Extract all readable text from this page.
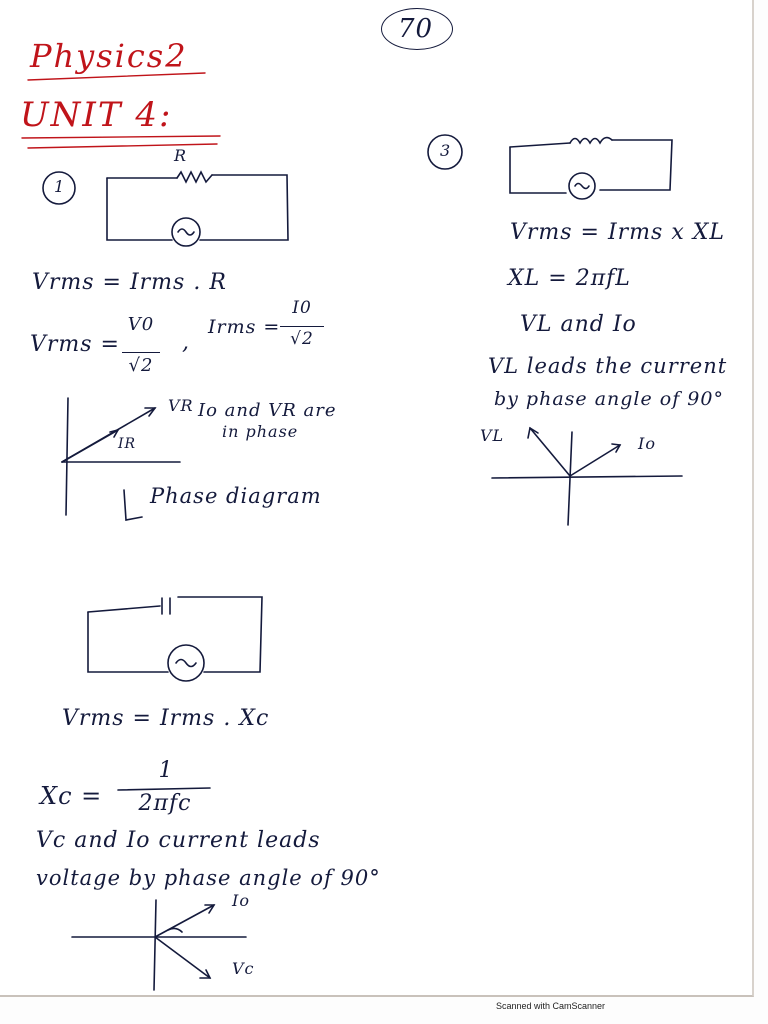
70
Physics2
UNIT 4:
1
R
Vrms = Irms . R
Vrms =
V0
√2
,
Irms =
I0
√2
VR
IR
Io and VR are
in phase
Phase diagram
Vrms = Irms . Xc
Xc =
1
2πfc
Vc and Io current leads
voltage by phase angle of 90°
Io
Vc
3
Vrms = Irms x XL
XL = 2πfL
VL and Io
VL leads the current
by phase angle of 90°
VL	Io
Scanned with CamScanner
